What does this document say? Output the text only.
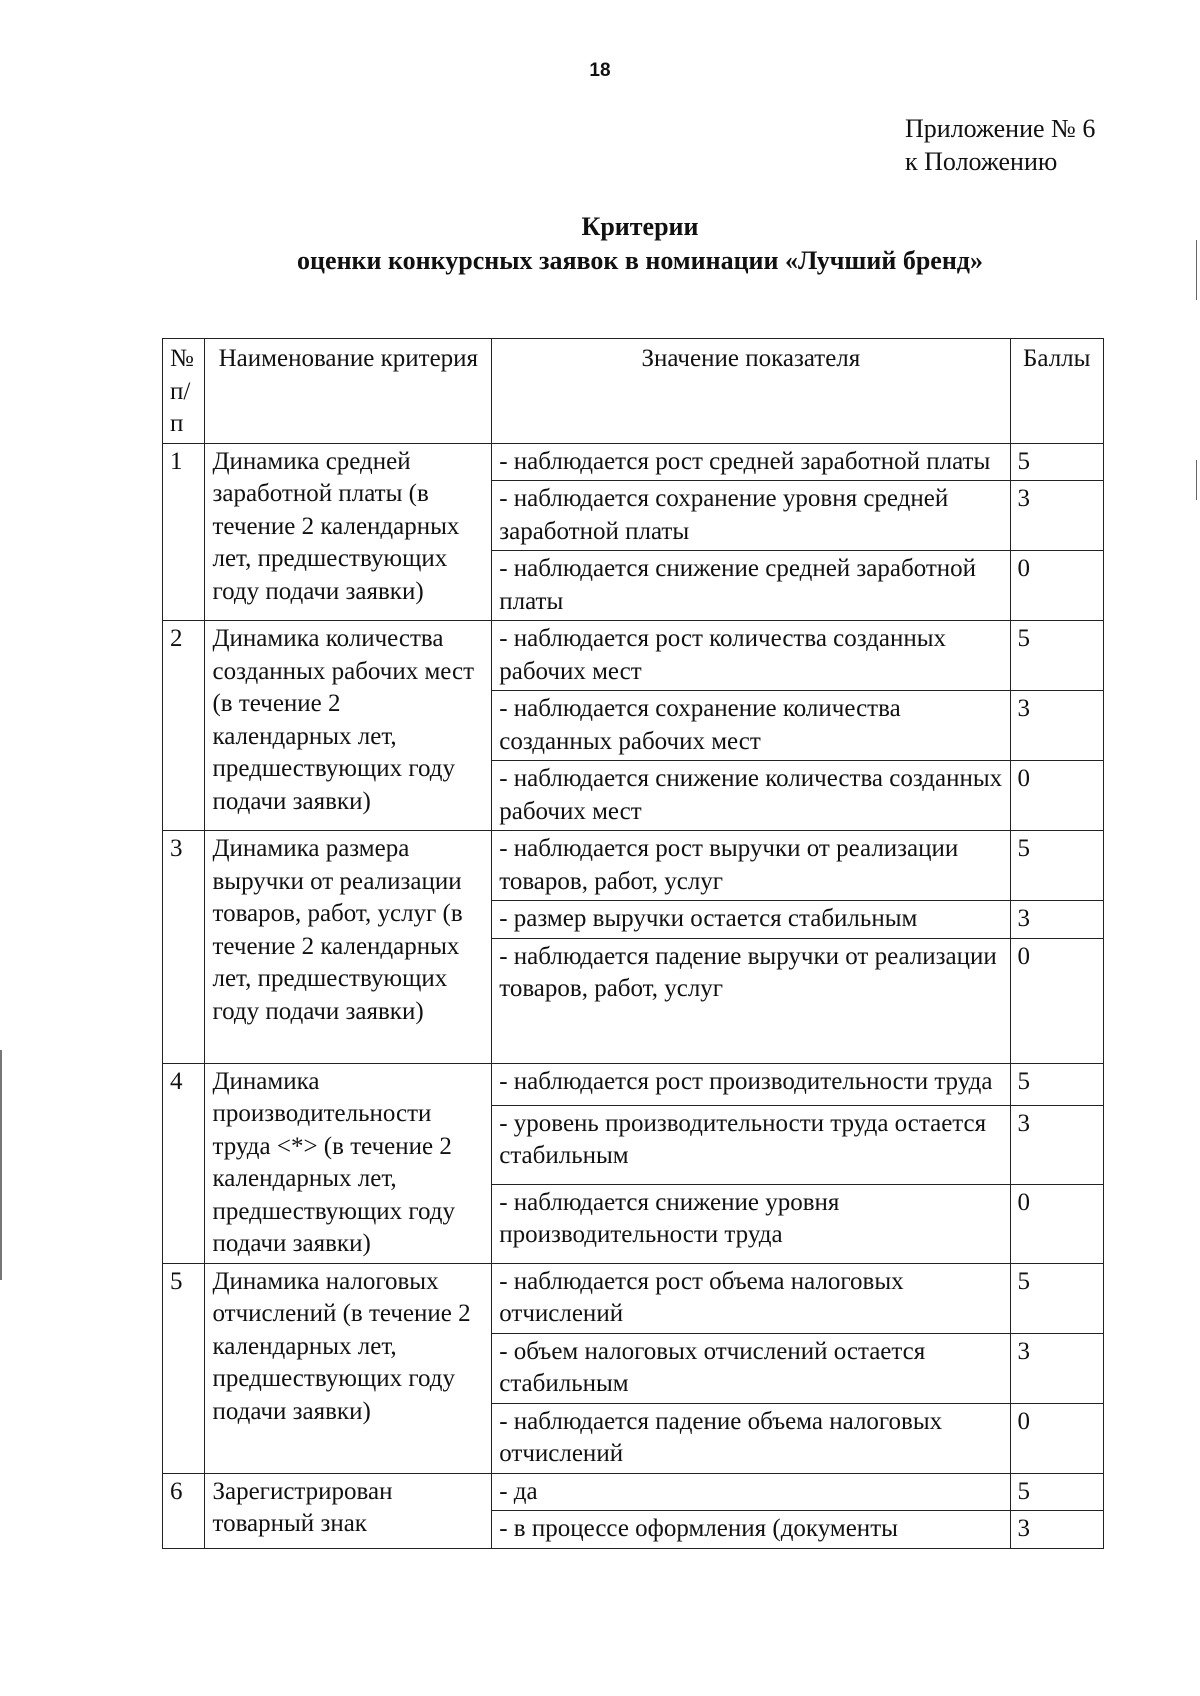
18
Приложение № 6
к Положению
Критерии
оценки конкурсных заявок в номинации «Лучший бренд»
№ п/ п	Наименование критерия	Значение показателя	Баллы
1	Динамика средней заработной платы (в течение 2 календарных лет, предшествующих году подачи заявки)	- наблюдается рост средней заработной платы	5
		- наблюдается сохранение уровня средней заработной платы	3
		- наблюдается снижение средней заработной платы	0
2	Динамика количества созданных рабочих мест (в течение 2 календарных лет, предшествующих году подачи заявки)	- наблюдается рост количества созданных рабочих мест	5
		- наблюдается сохранение количества созданных рабочих мест	3
		- наблюдается снижение количества созданных рабочих мест	0
3	Динамика размера выручки от реализации товаров, работ, услуг (в течение 2 календарных лет, предшествующих году подачи заявки)	- наблюдается рост выручки от реализации товаров, работ, услуг	5
		- размер выручки остается стабильным	3
		- наблюдается падение выручки от реализации товаров, работ, услуг	0
4	Динамика производительности труда <*> (в течение 2 календарных лет, предшествующих году подачи заявки)	- наблюдается рост производительности труда	5
		- уровень производительности труда остается стабильным	3
		- наблюдается снижение уровня производительности труда	0
5	Динамика налоговых отчислений (в течение 2 календарных лет, предшествующих году подачи заявки)	- наблюдается рост объема налоговых отчислений	5
		- объем налоговых отчислений остается стабильным	3
		- наблюдается падение объема налоговых отчислений	0
6	Зарегистрирован товарный знак	- да	5
		- в процессе оформления (документы	3
